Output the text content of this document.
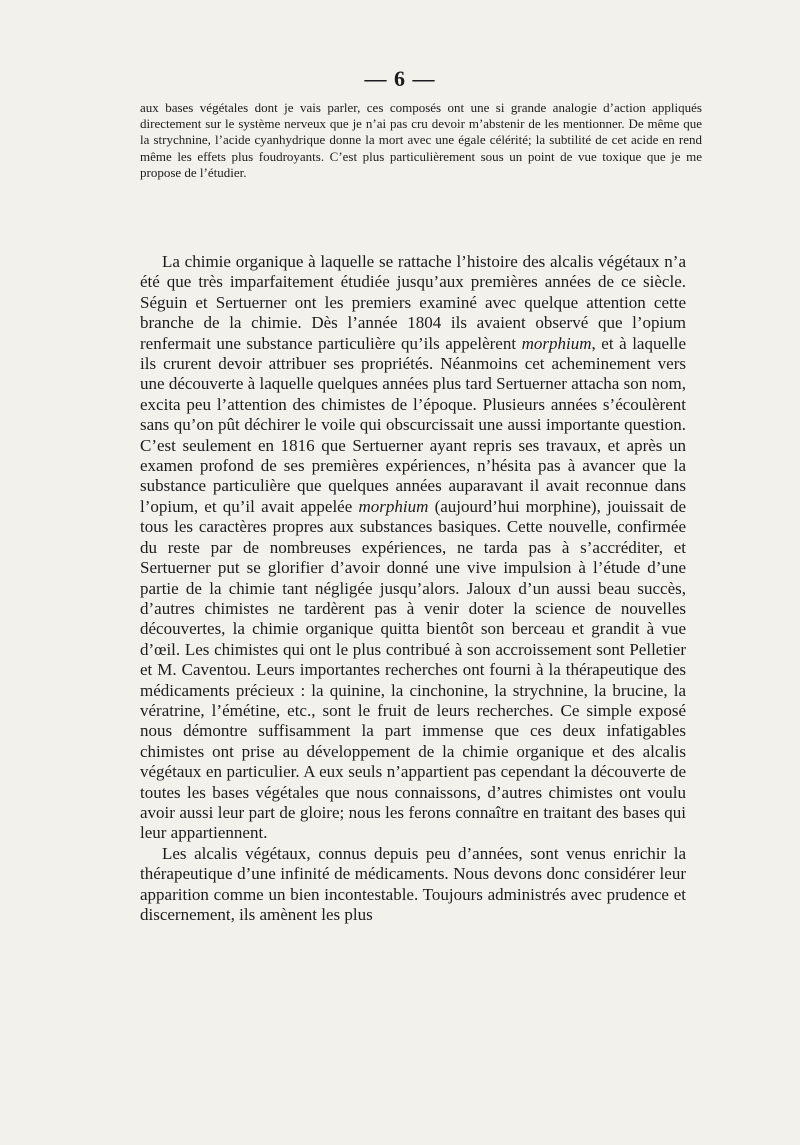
— 6 —

aux bases végétales dont je vais parler, ces composés ont une si grande analogie d’action appliqués directement sur le système nerveux que je n’ai pas cru devoir m’abstenir de les mentionner. De même que la strychnine, l’acide cyanhydrique donne la mort avec une égale célérité; la subtilité de cet acide en rend même les effets plus foudroyants. C’est plus particulièrement sous un point de vue toxique que je me propose de l’étudier.

La chimie organique à laquelle se rattache l’histoire des alcalis végétaux n’a été que très imparfaitement étudiée jusqu’aux premières années de ce siècle. Séguin et Sertuerner ont les premiers examiné avec quelque attention cette branche de la chimie. Dès l’année 1804 ils avaient observé que l’opium renfermait une substance particulière qu’ils appelèrent morphium, et à laquelle ils crurent devoir attribuer ses propriétés. Néanmoins cet acheminement vers une découverte à laquelle quelques années plus tard Sertuerner attacha son nom, excita peu l’attention des chimistes de l’époque. Plusieurs années s’écoulèrent sans qu’on pût déchirer le voile qui obscurcissait une aussi importante question. C’est seulement en 1816 que Sertuerner ayant repris ses travaux, et après un examen profond de ses premières expériences, n’hésita pas à avancer que la substance particulière que quelques années auparavant il avait reconnue dans l’opium, et qu’il avait appelée morphium (aujourd’hui morphine), jouissait de tous les caractères propres aux substances basiques. Cette nouvelle, confirmée du reste par de nombreuses expériences, ne tarda pas à s’accréditer, et Sertuerner put se glorifier d’avoir donné une vive impulsion à l’étude d’une partie de la chimie tant négligée jusqu’alors. Jaloux d’un aussi beau succès, d’autres chimistes ne tardèrent pas à venir doter la science de nouvelles découvertes, la chimie organique quitta bientôt son berceau et grandit à vue d’œil. Les chimistes qui ont le plus contribué à son accroissement sont Pelletier et M. Caventou. Leurs importantes recherches ont fourni à la thérapeutique des médicaments précieux : la quinine, la cinchonine, la strychnine, la brucine, la vératrine, l’émétine, etc., sont le fruit de leurs recherches. Ce simple exposé nous démontre suffisamment la part immense que ces deux infatigables chimistes ont prise au développement de la chimie organique et des alcalis végétaux en particulier. A eux seuls n’appartient pas cependant la découverte de toutes les bases végétales que nous connaissons, d’autres chimistes ont voulu avoir aussi leur part de gloire; nous les ferons connaître en traitant des bases qui leur appartiennent.

Les alcalis végétaux, connus depuis peu d’années, sont venus enrichir la thérapeutique d’une infinité de médicaments. Nous devons donc considérer leur apparition comme un bien incontestable. Toujours administrés avec prudence et discernement, ils amènent les plus
